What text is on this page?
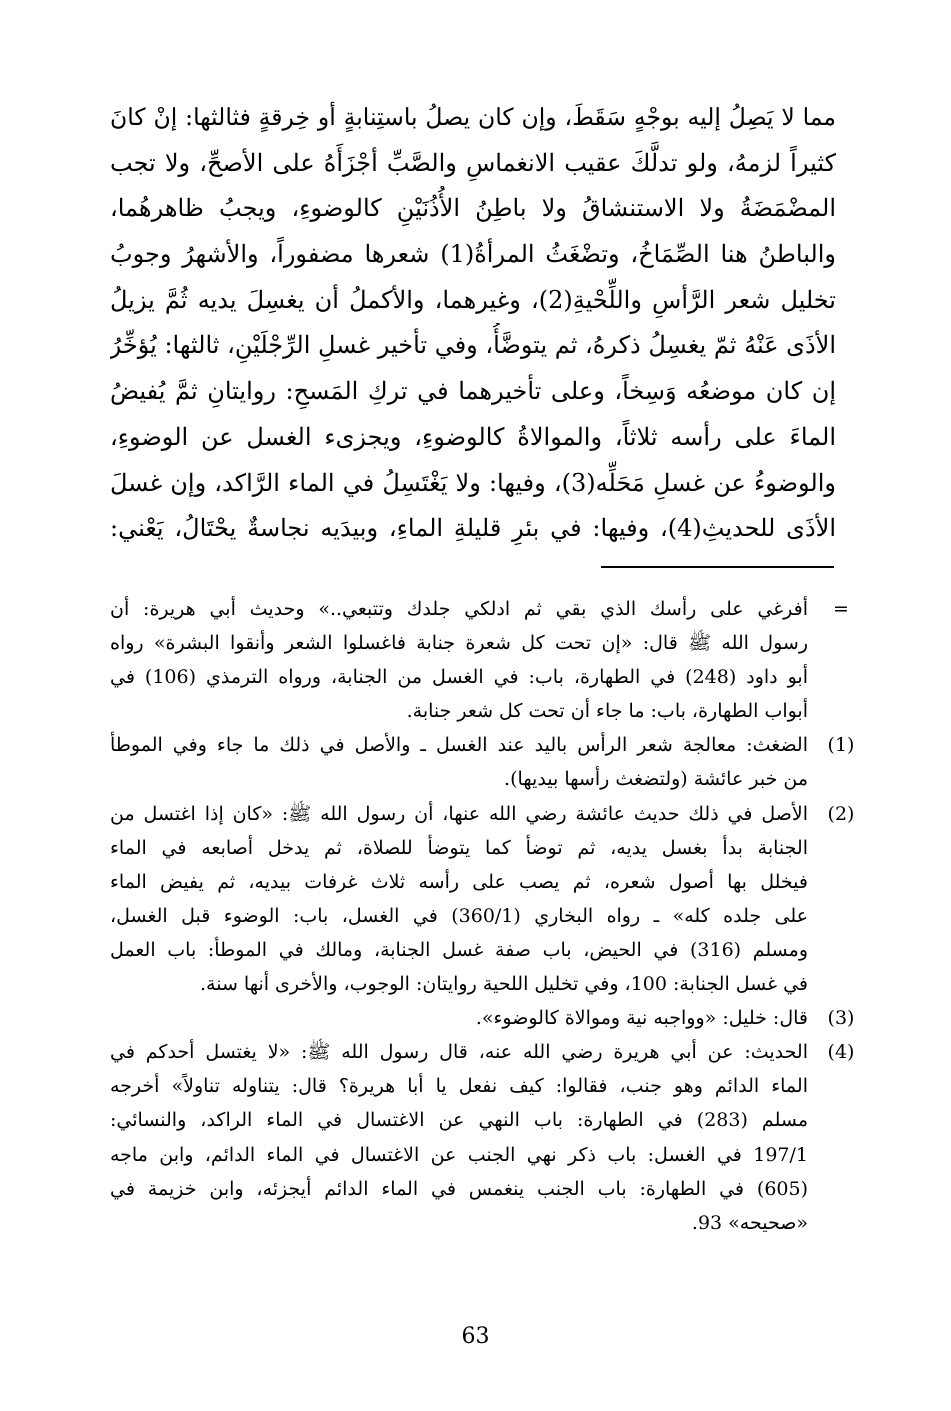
مما لا يَصِلُ إليه بوجْهٍ سَقَطَ، وإن كان يصلُ باستِنابةٍ أو خِرقةٍ فثالثها: إنْ كانَ
كثيراً لزمهُ، ولو تدلَّكَ عقيب الانغماسِ والصَّبِّ أجْزَأَهُ على الأصحِّ، ولا تجب
المضْمَضَةُ ولا الاستنشاقُ ولا باطِنُ الأُذُنَيْنِ كالوضوءِ، ويجبُ ظاهرهُما،
والباطنُ هنا الصِّمَاخُ، وتضْغَثُ المرأةُ(1) شعرها مضفوراً، والأشهرُ وجوبُ
تخليل شعر الرَّأسِ واللِّحْيةِ(2)، وغيرهما، والأكملُ أن يغسِلَ يديه ثُمَّ يزيلُ
الأذَى عَنْهُ ثمّ يغسِلُ ذكرهُ، ثم يتوضَّأُ، وفي تأخير غسلِ الرِّجْلَيْنِ، ثالثها: يُؤخِّرُ
إن كان موضعُه وَسِخاً، وعلى تأخيرهما في تركِ المَسحِ: روايتانِ ثمَّ يُفيضُ
الماءَ على رأسه ثلاثاً، والموالاةُ كالوضوءِ، ويجزىء الغسل عن الوضوءِ،
والوضوءُ عن غسلِ مَحَلِّه(3)، وفيها: ولا يَغْتَسِلُ في الماء الرَّاكد، وإن غسلَ
الأذَى للحديثِ(4)، وفيها: في بئرِ قليلةِ الماءِ، وبيدَيه نجاسةٌ يحْتَالُ، يَعْني:
=
أفرغي على رأسك الذي بقي ثم ادلكي جلدك وتتبعي..» وحديث أبي هريرة: أن
رسول الله ﷺ قال: «إن تحت كل شعرة جنابة فاغسلوا الشعر وأنقوا البشرة» رواه
أبو داود (248) في الطهارة، باب: في الغسل من الجنابة، ورواه الترمذي (106) في
أبواب الطهارة، باب: ما جاء أن تحت كل شعر جنابة.
(1)
الضغث: معالجة شعر الرأس باليد عند الغسل ـ والأصل في ذلك ما جاء وفي الموطأ
من خبر عائشة (ولتضغث رأسها بيديها).
(2)
الأصل في ذلك حديث عائشة رضي الله عنها، أن رسول الله ﷺ: «كان إذا اغتسل من
الجنابة بدأ بغسل يديه، ثم توضأ كما يتوضأ للصلاة، ثم يدخل أصابعه في الماء
فيخلل بها أصول شعره، ثم يصب على رأسه ثلاث غرفات بيديه، ثم يفيض الماء
على جلده كله» ـ رواه البخاري (360/1) في الغسل، باب: الوضوء قبل الغسل،
ومسلم (316) في الحيض، باب صفة غسل الجنابة، ومالك في الموطأ: باب العمل
في غسل الجنابة: 100، وفي تخليل اللحية روايتان: الوجوب، والأخرى أنها سنة.
(3)
قال: خليل: «وواجبه نية وموالاة كالوضوء».
(4)
الحديث: عن أبي هريرة رضي الله عنه، قال رسول الله ﷺ: «لا يغتسل أحدكم في
الماء الدائم وهو جنب، فقالوا: كيف نفعل يا أبا هريرة؟ قال: يتناوله تناولاً» أخرجه
مسلم (283) في الطهارة: باب النهي عن الاغتسال في الماء الراكد، والنسائي:
197/1 في الغسل: باب ذكر نهي الجنب عن الاغتسال في الماء الدائم، وابن ماجه
(605) في الطهارة: باب الجنب ينغمس في الماء الدائم أيجزئه، وابن خزيمة في
«صحيحه» 93.
63
